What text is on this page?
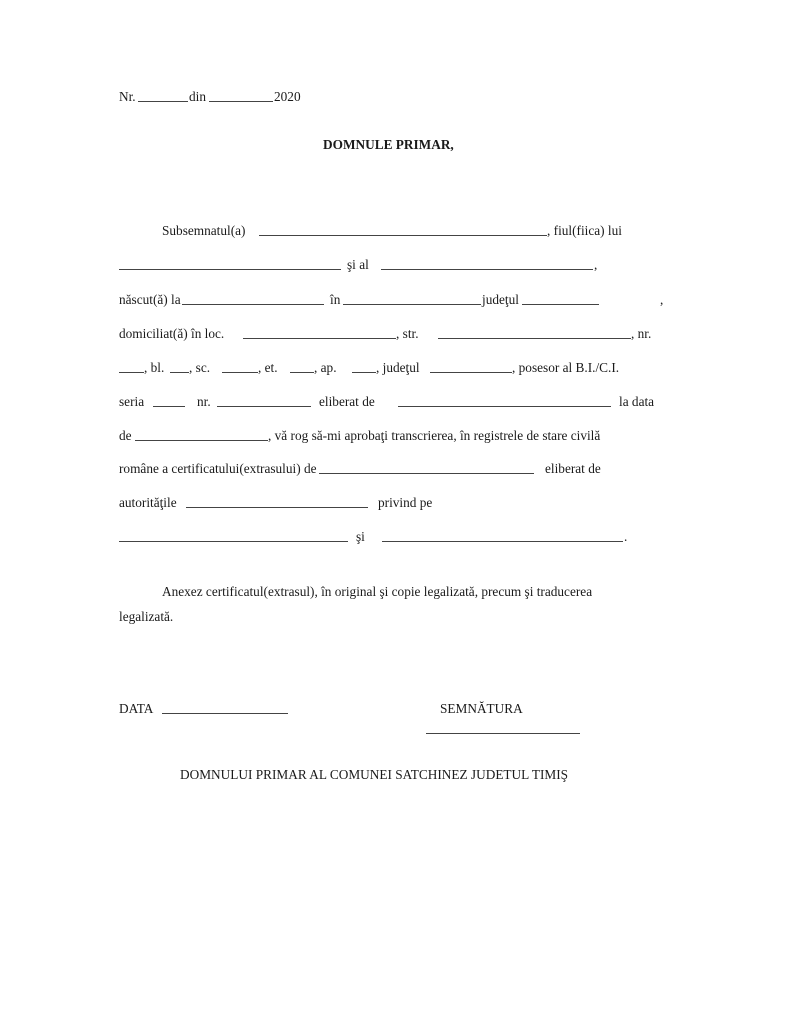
Nr.	din	2020
DOMNULE PRIMAR,
Subsemnatul(a)	, fiul(fiica) lui
şi al	,
născut(ă) la	în	judeţul	,
domiciliat(ă) în loc.	, str.	, nr.
, bl. , sc.	, et.	, ap.	, judeţul	, posesor al B.I./C.I.
seria	nr.	eliberat de	la data
de	, vă rog să-mi aprobaţi transcrierea, în registrele de stare civilă
române a certificatului(extrasului) de	eliberat de
autorităţile	privind pe
şi	.
Anexez certificatul(extrasul), în original şi copie legalizată, precum şi traducerea
legalizată.
DATA	SEMNĂTURA
DOMNULUI PRIMAR AL COMUNEI SATCHINEZ JUDETUL TIMIŞ
